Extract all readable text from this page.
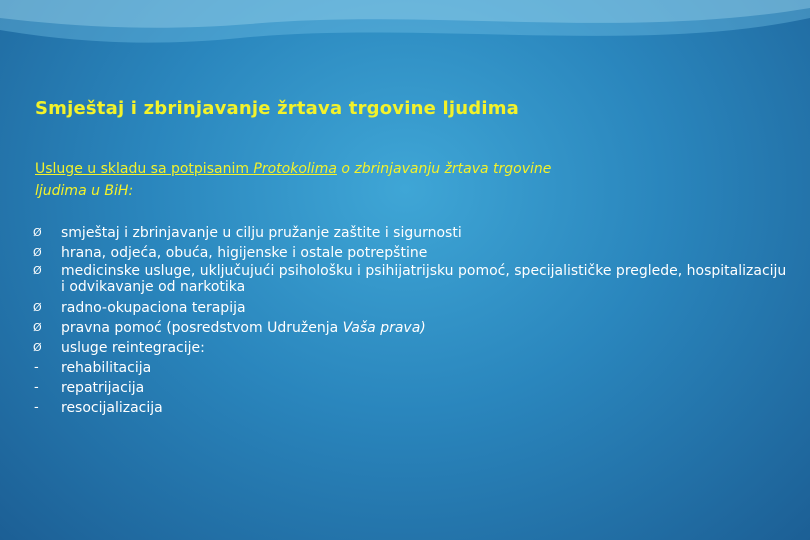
Smještaj i zbrinjavanje žrtava trgovine ljudima
Usluge u skladu sa potpisanim Protokolima o zbrinjavanju žrtava trgovine
ljudima u BiH:
Ø	smještaj i zbrinjavanje u cilju pružanje zaštite i sigurnosti
Ø	hrana, odjeća, obuća, higijenske i ostale potrepštine
Ø	medicinske usluge, uključujući psihološku i psihijatrijsku pomoć, specijalističke preglede, hospitalizaciju i odvikavanje od narkotika
Ø	radno-okupaciona terapija
Ø	pravna pomoć (posredstvom Udruženja Vaša prava)
Ø	usluge reintegracije:
-	rehabilitacija
-	repatrijacija
-	resocijalizacija
